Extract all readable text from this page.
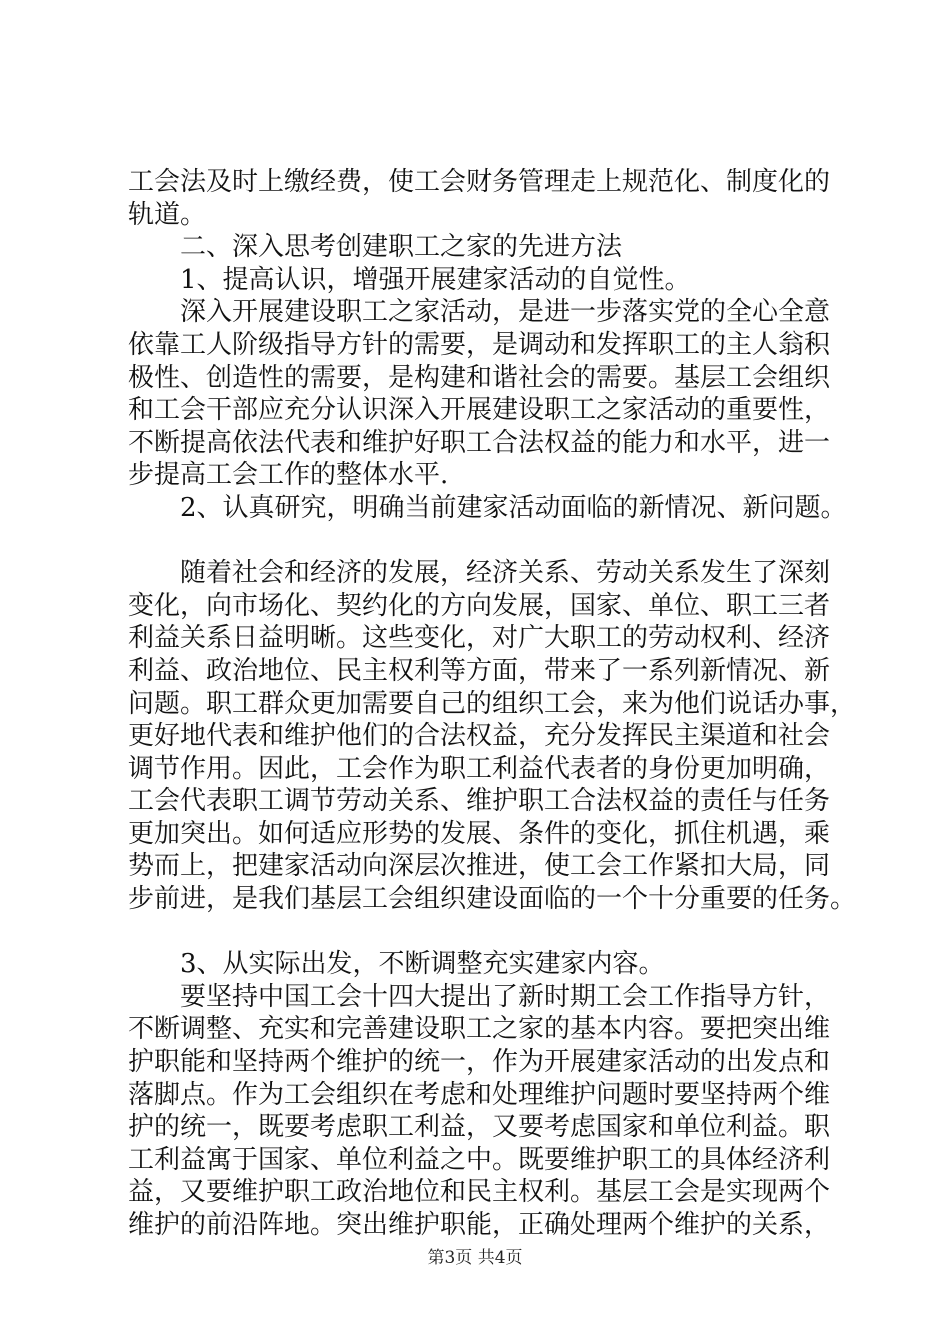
工会法及时上缴经费，使工会财务管理走上规范化、制度化的
轨道。
　　二、深入思考创建职工之家的先进方法
　　1、提高认识，增强开展建家活动的自觉性。
　　深入开展建设职工之家活动，是进一步落实党的全心全意
依靠工人阶级指导方针的需要，是调动和发挥职工的主人翁积
极性、创造性的需要，是构建和谐社会的需要。基层工会组织
和工会干部应充分认识深入开展建设职工之家活动的重要性，
不断提高依法代表和维护好职工合法权益的能力和水平，进一
步提高工会工作的整体水平.
　　2、认真研究，明确当前建家活动面临的新情况、新问题。
　　随着社会和经济的发展，经济关系、劳动关系发生了深刻
变化，向市场化、契约化的方向发展，国家、单位、职工三者
利益关系日益明晰。这些变化，对广大职工的劳动权利、经济
利益、政治地位、民主权利等方面，带来了一系列新情况、新
问题。职工群众更加需要自己的组织工会，来为他们说话办事，
更好地代表和维护他们的合法权益，充分发挥民主渠道和社会
调节作用。因此，工会作为职工利益代表者的身份更加明确，
工会代表职工调节劳动关系、维护职工合法权益的责任与任务
更加突出。如何适应形势的发展、条件的变化，抓住机遇，乘
势而上，把建家活动向深层次推进，使工会工作紧扣大局，同
步前进，是我们基层工会组织建设面临的一个十分重要的任务。
　　3、从实际出发，不断调整充实建家内容。
　　要坚持中国工会十四大提出了新时期工会工作指导方针，
不断调整、充实和完善建设职工之家的基本内容。要把突出维
护职能和坚持两个维护的统一，作为开展建家活动的出发点和
落脚点。作为工会组织在考虑和处理维护问题时要坚持两个维
护的统一，既要考虑职工利益，又要考虑国家和单位利益。职
工利益寓于国家、单位利益之中。既要维护职工的具体经济利
益，又要维护职工政治地位和民主权利。基层工会是实现两个
维护的前沿阵地。突出维护职能，正确处理两个维护的关系，
第3页 共4页
